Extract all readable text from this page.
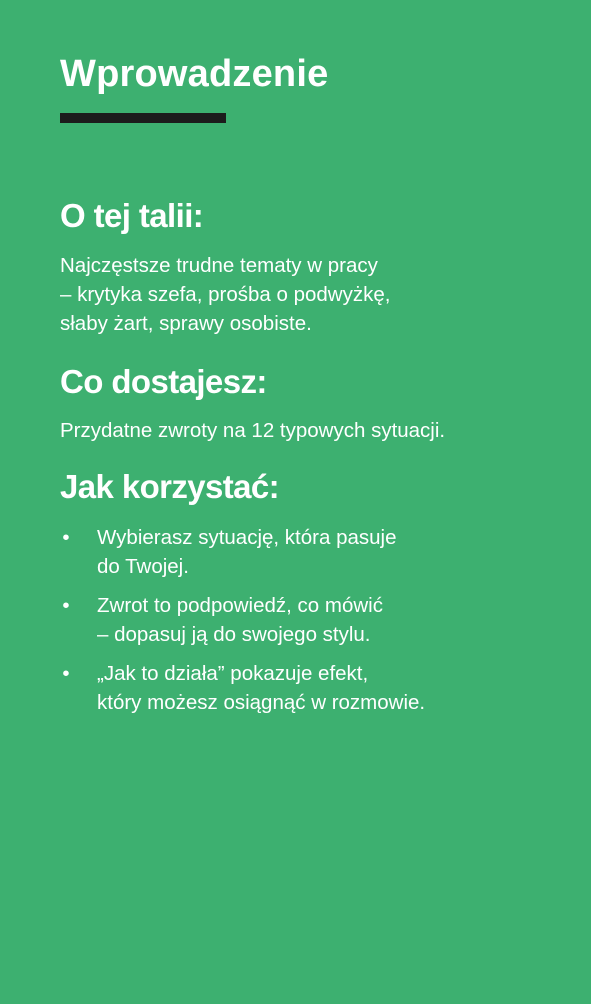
Wprowadzenie
O tej talii:

Najczęstsze trudne tematy w pracy
– krytyka szefa, prośba o podwyżkę,
słaby żart, sprawy osobiste.

Co dostajesz:

Przydatne zwroty na 12 typowych sytuacji.

Jak korzystać:
• Wybierasz sytuację, która pasuje
do Twojej.
• Zwrot to podpowiedź, co mówić
– dopasuj ją do swojego stylu.
• „Jak to działa” pokazuje efekt,
który możesz osiągnąć w rozmowie.
